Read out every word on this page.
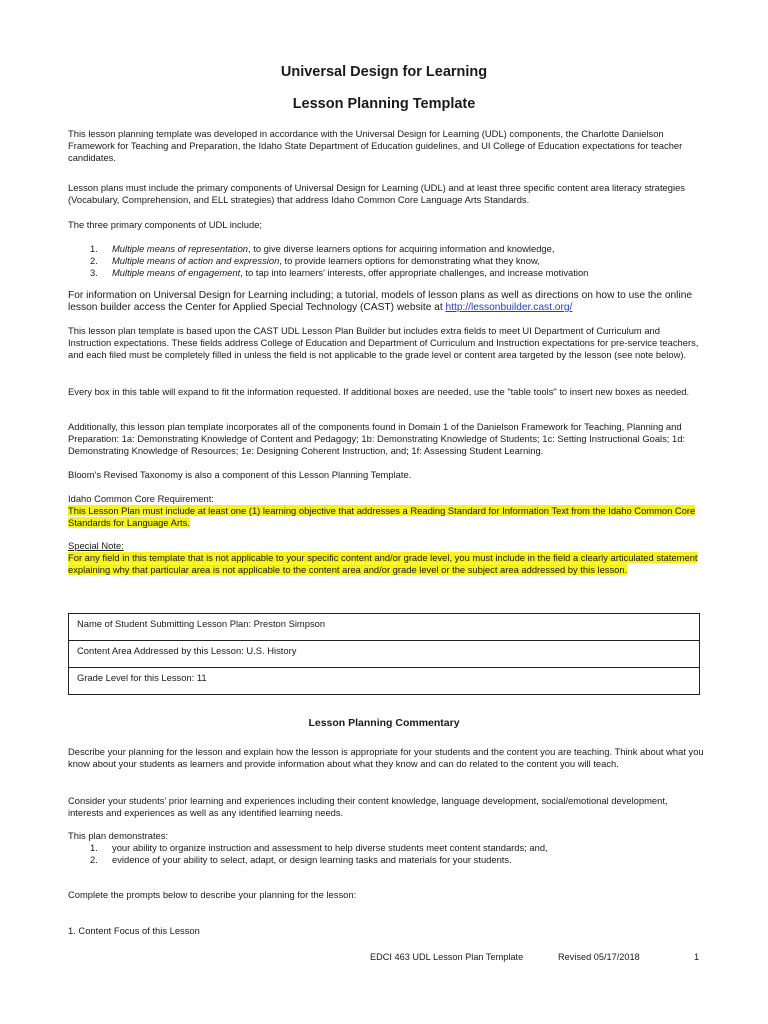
Universal Design for Learning
Lesson Planning Template
This lesson planning template was developed in accordance with the Universal Design for Learning (UDL) components, the Charlotte Danielson Framework for Teaching and Preparation, the Idaho State Department of Education guidelines, and UI College of Education expectations for teacher candidates.
Lesson plans must include the primary components of Universal Design for Learning (UDL) and at least three specific content area literacy strategies (Vocabulary, Comprehension, and ELL strategies) that address Idaho Common Core Language Arts Standards.
The three primary components of UDL include;
1. Multiple means of representation, to give diverse learners options for acquiring information and knowledge,
2. Multiple means of action and expression, to provide learners options for demonstrating what they know,
3. Multiple means of engagement, to tap into learners' interests, offer appropriate challenges, and increase motivation
For information on Universal Design for Learning including; a tutorial, models of lesson plans as well as directions on how to use the online lesson builder access the Center for Applied Special Technology (CAST) website at http://lessonbuilder.cast.org/
This lesson plan template is based upon the CAST UDL Lesson Plan Builder but includes extra fields to meet UI Department of Curriculum and Instruction expectations. These fields address College of Education and Department of Curriculum and Instruction expectations for pre-service teachers, and each filed must be completely filled in unless the field is not applicable to the grade level or content area targeted by the lesson (see note below).
Every box in this table will expand to fit the information requested. If additional boxes are needed, use the "table tools" to insert new boxes as needed.
Additionally, this lesson plan template incorporates all of the components found in Domain 1 of the Danielson Framework for Teaching, Planning and Preparation: 1a: Demonstrating Knowledge of Content and Pedagogy; 1b: Demonstrating Knowledge of Students; 1c: Setting Instructional Goals; 1d: Demonstrating Knowledge of Resources; 1e: Designing Coherent Instruction, and; 1f: Assessing Student Learning.
Bloom's Revised Taxonomy is also a component of this Lesson Planning Template.
Idaho Common Core Requirement:
This Lesson Plan must include at least one (1) learning objective that addresses a Reading Standard for Information Text from the Idaho Common Core Standards for Language Arts.
Special Note:
For any field in this template that is not applicable to your specific content and/or grade level, you must include in the field a clearly articulated statement explaining why that particular area is not applicable to the content area and/or grade level or the subject area addressed by this lesson.
Name of Student Submitting Lesson Plan: Preston Simpson
Content Area Addressed by this Lesson: U.S. History
Grade Level for this Lesson: 11
Lesson Planning Commentary
Describe your planning for the lesson and explain how the lesson is appropriate for your students and the content you are teaching. Think about what you know about your students as learners and provide information about what they know and can do related to the content you will teach.
Consider your students' prior learning and experiences including their content knowledge, language development, social/emotional development, interests and experiences as well as any identified learning needs.
This plan demonstrates:
1. your ability to organize instruction and assessment to help diverse students meet content standards; and,
2. evidence of your ability to select, adapt, or design learning tasks and materials for your students.
Complete the prompts below to describe your planning for the lesson:
1. Content Focus of this Lesson
EDCI 463 UDL Lesson Plan Template	Revised 05/17/2018	1
